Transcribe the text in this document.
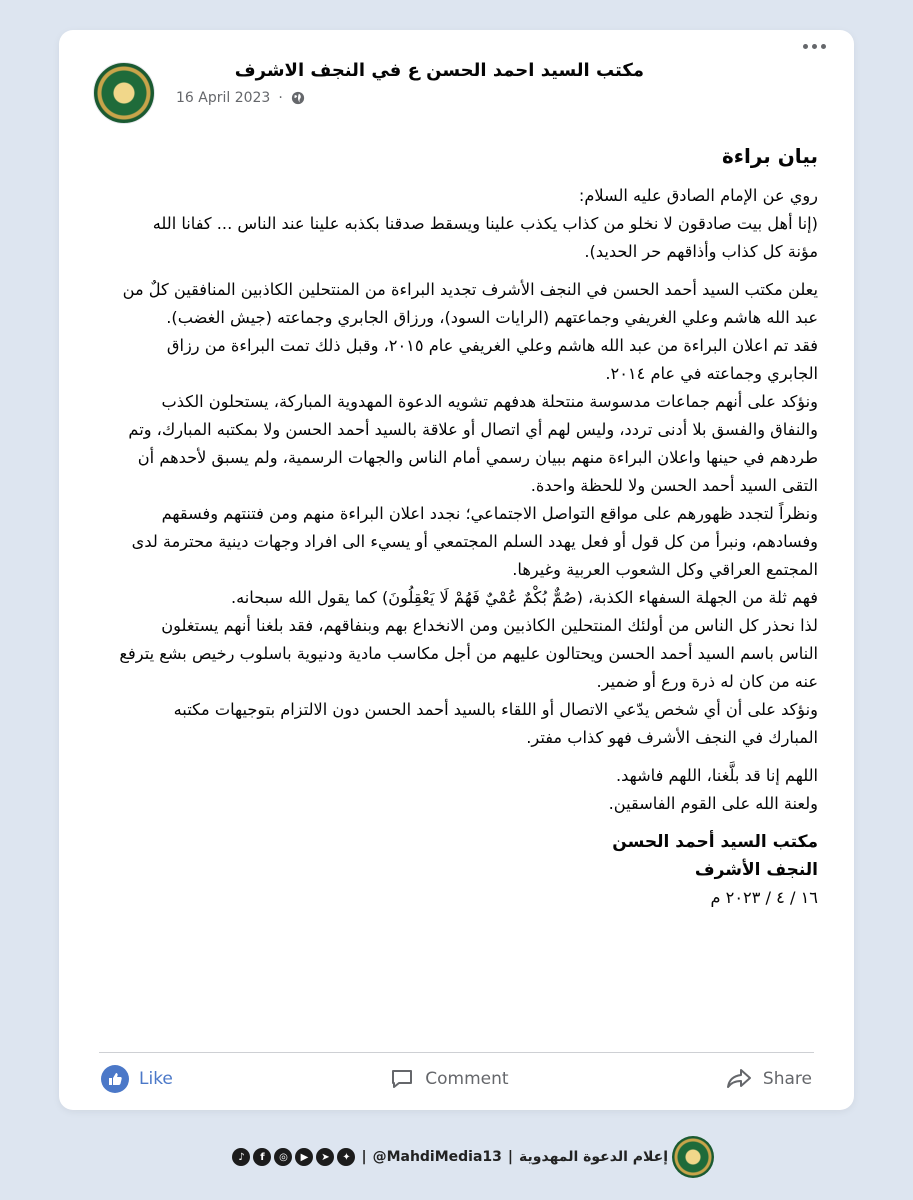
مكتب السيد احمد الحسن ع في النجف الاشرف
16 April 2023 ·
بيان براءة

روي عن الإمام الصادق عليه السلام:

(إنا أهل بيت صادقون لا نخلو من كذاب يكذب علينا ويسقط صدقنا بكذبه علينا عند الناس ... كفانا الله مؤنة كل كذاب وأذاقهم حر الحديد).

يعلن مكتب السيد أحمد الحسن في النجف الأشرف تجديد البراءة من المنتحلين الكاذبين المنافقين كلٌ من عبد الله هاشم وعلي الغريفي وجماعتهم (الرايات السود)، ورزاق الجابري وجماعته (جيش الغضب).

فقد تم اعلان البراءة من عبد الله هاشم وعلي الغريفي عام ٢٠١٥، وقبل ذلك تمت البراءة من رزاق الجابري وجماعته في عام ٢٠١٤.

ونؤكد على أنهم جماعات مدسوسة منتحلة هدفهم تشويه الدعوة المهدوية المباركة، يستحلون الكذب والنفاق والفسق بلا أدنى تردد، وليس لهم أي اتصال أو علاقة بالسيد أحمد الحسن ولا بمكتبه المبارك، وتم طردهم في حينها واعلان البراءة منهم ببيان رسمي أمام الناس والجهات الرسمية، ولم يسبق لأحدهم أن التقى السيد أحمد الحسن ولا للحظة واحدة.

ونظراً لتجدد ظهورهم على مواقع التواصل الاجتماعي؛ نجدد اعلان البراءة منهم ومن فتنتهم وفسقهم وفسادهم، ونبرأ من كل قول أو فعل يهدد السلم المجتمعي أو يسيء الى افراد وجهات دينية محترمة لدى المجتمع العراقي وكل الشعوب العربية وغيرها.

فهم ثلة من الجهلة السفهاء الكذبة، (صُمٌّ بُكْمٌ عُمْيٌ فَهُمْ لَا يَعْقِلُونَ) كما يقول الله سبحانه.

لذا نحذر كل الناس من أولئك المنتحلين الكاذبين ومن الانخداع بهم وبنفاقهم، فقد بلغنا أنهم يستغلون الناس باسم السيد أحمد الحسن ويحتالون عليهم من أجل مكاسب مادية ودنيوية باسلوب رخيص بشع يترفع عنه من كان له ذرة ورع أو ضمير.

ونؤكد على أن أي شخص يدّعي الاتصال أو اللقاء بالسيد أحمد الحسن دون الالتزام بتوجيهات مكتبه المبارك في النجف الأشرف فهو كذاب مفتر.

اللهم إنا قد بلَّغنا، اللهم فاشهد.

ولعنة الله على القوم الفاسقين.

مكتب السيد أحمد الحسن

النجف الأشرف

١٦ / ٤ / ٢٠٢٣ م

Like	Comment	Share
♪	f	◎	▶	➤	✦ | @MahdiMedia13 | إعلام الدعوة المهدوية
